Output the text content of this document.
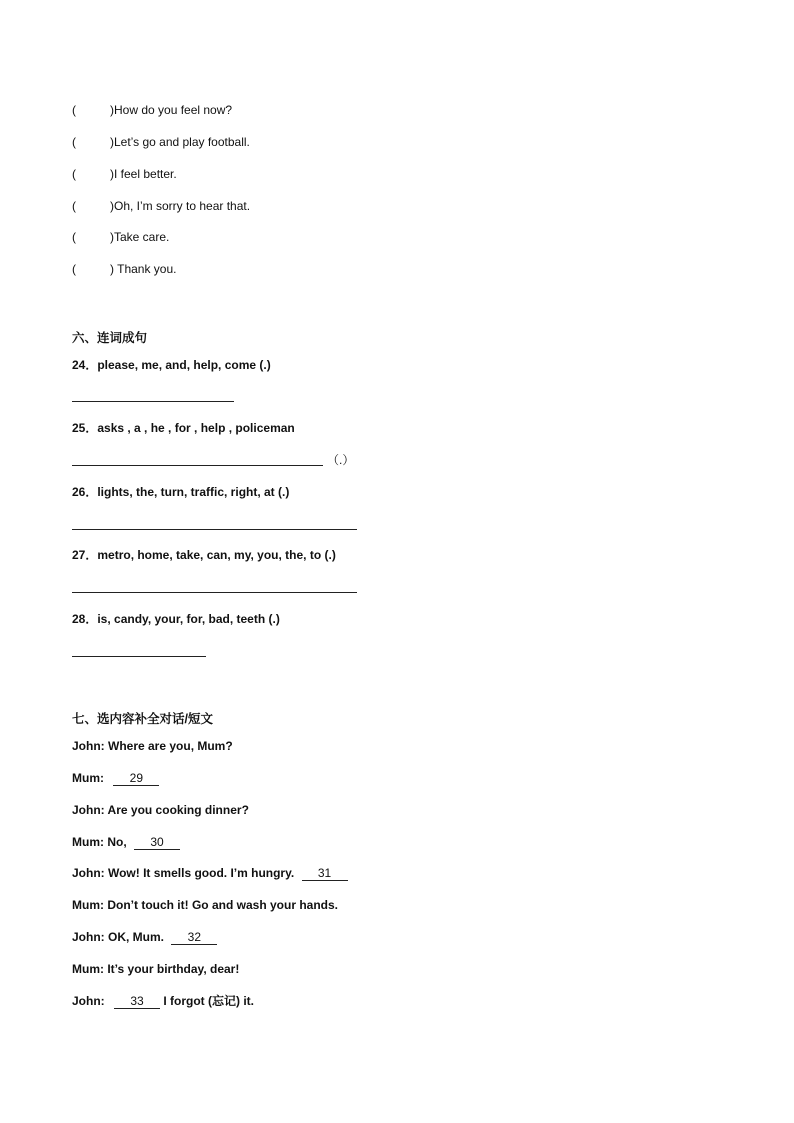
(	)How do you feel now?
(	)Let’s go and play football.
(	)I feel better.
(	)Oh, I’m sorry to hear that.
(	)Take care.
(	) Thank you.
六、连词成句
24．please, me, and, help, come (.)
25．asks , a , he , for , help , policeman
（.）
26．lights, the, turn, traffic, right, at (.)
27．metro, home, take, can, my, you, the, to (.)
28．is, candy, your, for, bad, teeth (.)
七、选内容补全对话/短文
John: Where are you, Mum?
Mum: 29
John: Are you cooking dinner?
Mum: No, 30
John: Wow! It smells good. I’m hungry. 31
Mum: Don’t touch it! Go and wash your hands.
John: OK, Mum. 32
Mum: It’s your birthday, dear!
John: 33 I forgot (忘记) it.
